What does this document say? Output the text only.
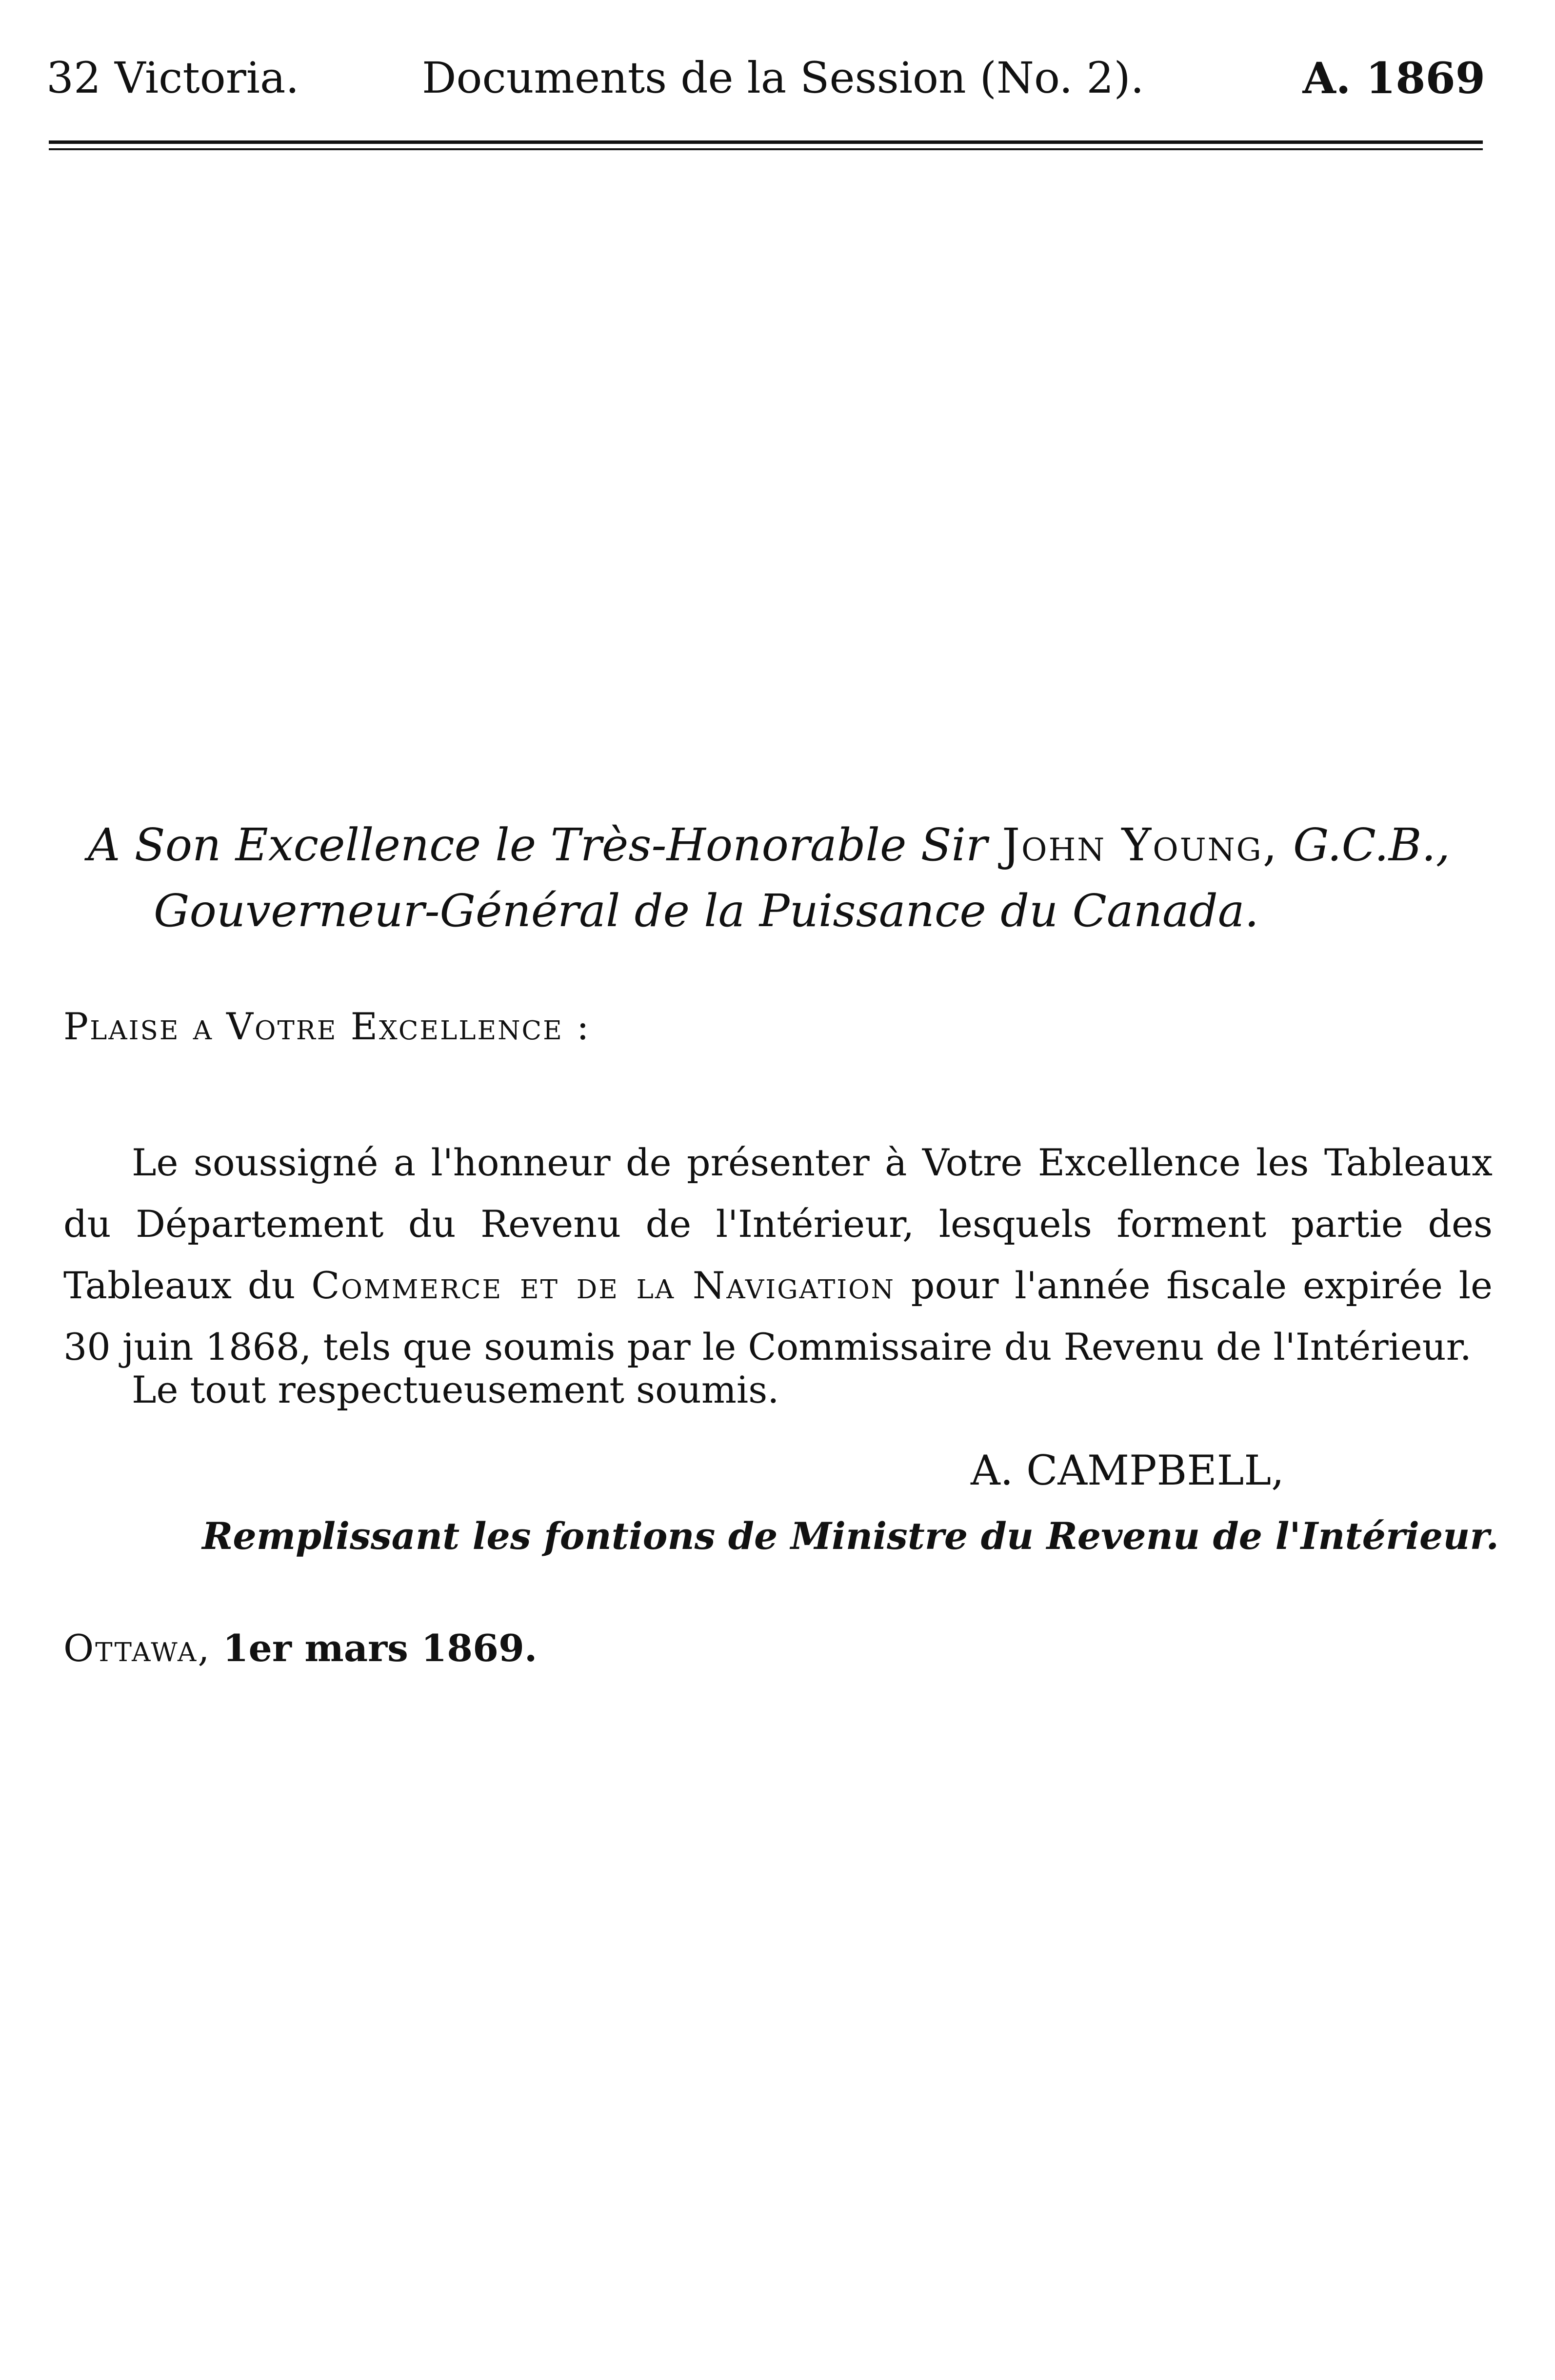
32 Victoria.	Documents de la Session (No. 2).	A. 1869
A Son Excellence le Très-Honorable Sir John Young, G.C.B.,
Gouverneur-Général de la Puissance du Canada.
Plaise a Votre Excellence :

Le soussigné a l'honneur de présenter à Votre Excellence les Tableaux du Département du Revenu de l'Intérieur, lesquels forment partie des Tableaux du Commerce et de la Navigation pour l'année fiscale expirée le 30 juin 1868, tels que soumis par le Commissaire du Revenu de l'Intérieur.

Le tout respectueusement soumis.
A. CAMPBELL,
Remplissant les fontions de Ministre du Revenu de l'Intérieur.
Ottawa, 1er mars 1869.
